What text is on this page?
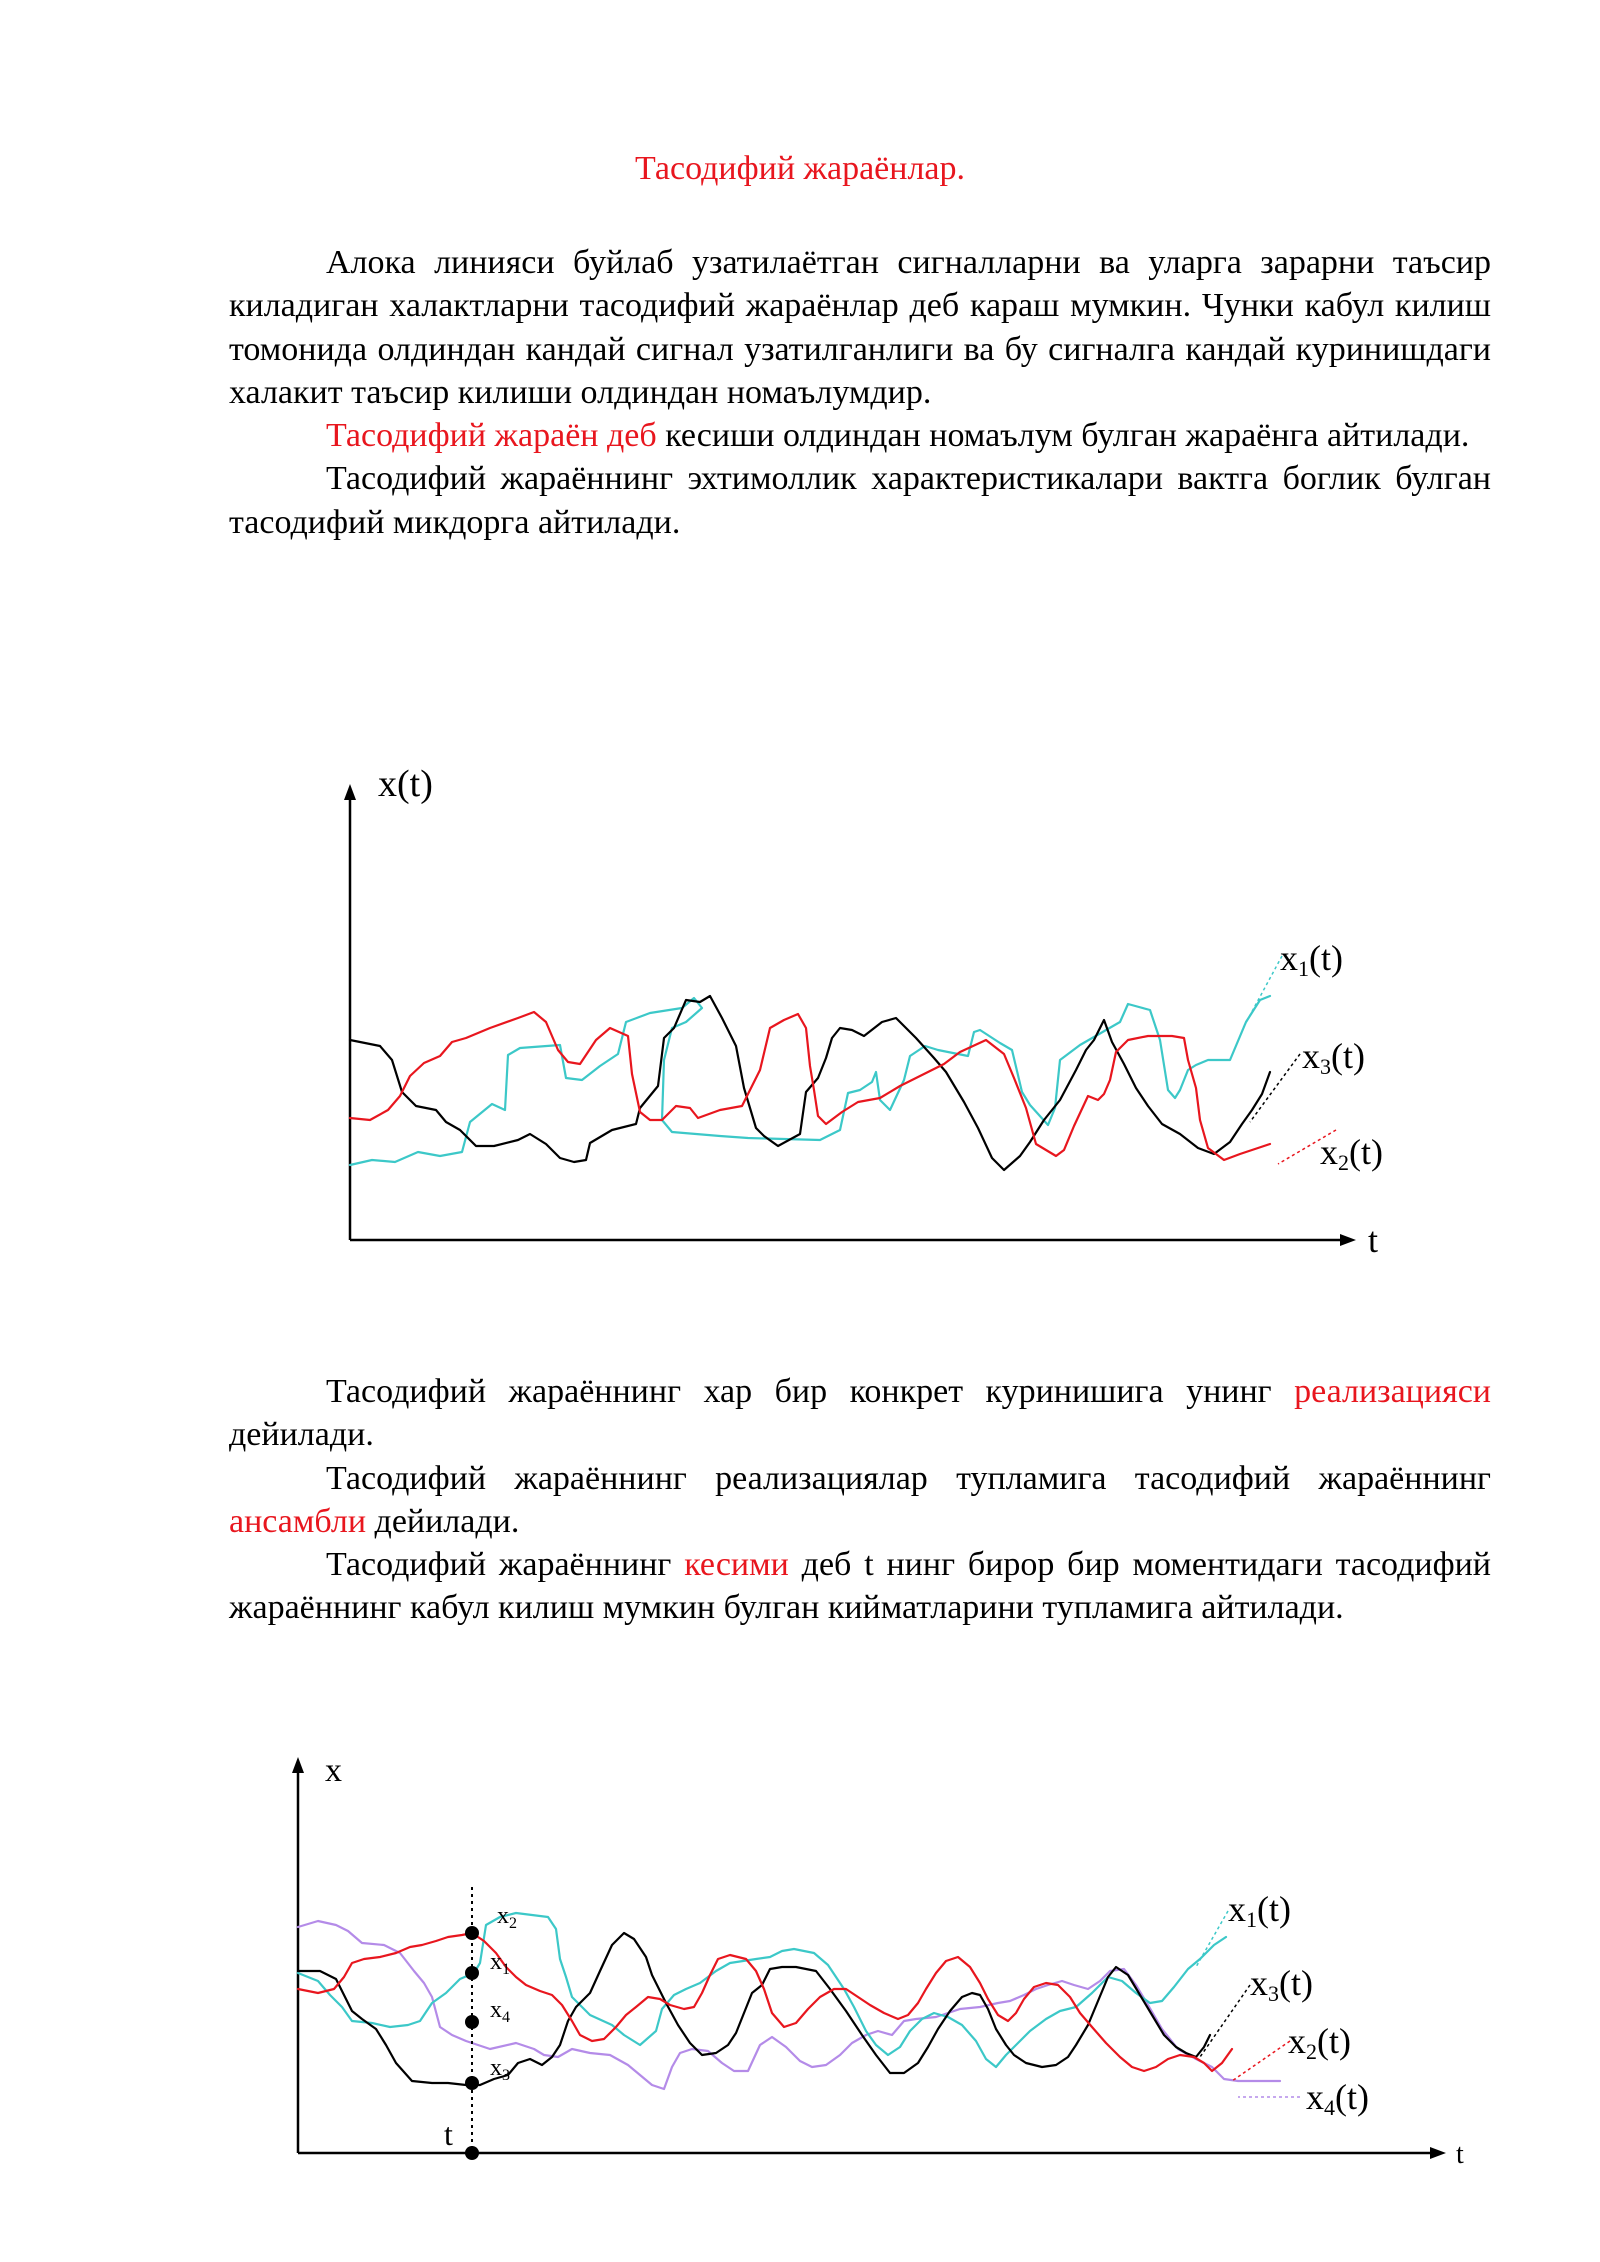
Тасодифий жараёнлар.

Алока линияси буйлаб узатилаётган сигналларни ва уларга зарарни таъсир киладиган халактларни тасодифий жараёнлар деб караш мумкин. Чунки кабул килиш томонида олдиндан кандай сигнал узатилганлиги ва бу сигналга кандай куринишдаги халакит таъсир килиши олдиндан номаълумдир.

Тасодифий жараён деб кесиши олдиндан номаълум булган жараёнга айтилади.

Тасодифий жараённинг эхтимоллик характеристикалари вактга боглик булган тасодифий микдорга айтилади.

x(t)
t
x1(t)
x3(t)
x2(t)

Тасодифий жараённинг хар бир конкрет куринишига унинг реализацияси дейилади.

Тасодифий жараённинг реализациялар тупламига тасодифий жараённинг ансамбли дейилади.

Тасодифий жараённинг кесими деб t нинг бирор бир моментидаги тасодифий жараённинг кабул килиш мумкин булган кийматларини тупламига айтилади.

x
t
t
$x_2$
$x_1$
$x_4$
$x_3$
x1(t)
x3(t)
x2(t)
x4(t)
